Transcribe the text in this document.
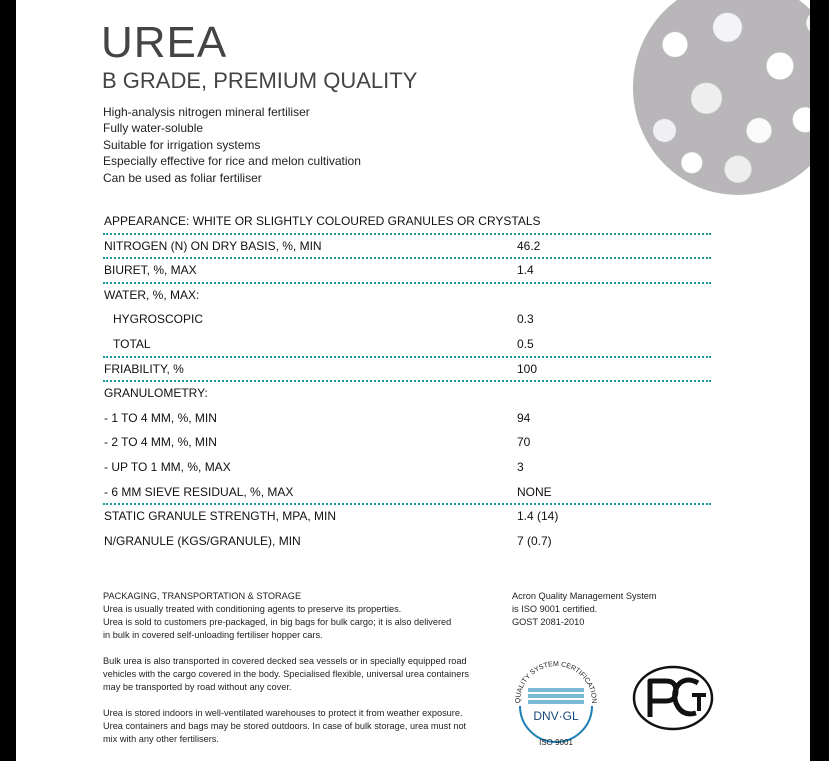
UREA
B GRADE, PREMIUM QUALITY
High-analysis nitrogen mineral fertiliser
Fully water-soluble
Suitable for irrigation systems
Especially effective for rice and melon cultivation
Can be used as foliar fertiliser
APPEARANCE: WHITE OR SLIGHTLY COLOURED GRANULES OR CRYSTALS
NITROGEN (N) ON DRY BASIS, %, MIN	46.2
BIURET, %, MAX	1.4
WATER, %, MAX:
HYGROSCOPIC	0.3
TOTAL	0.5
FRIABILITY, %	100
GRANULOMETRY:
- 1 TO 4 MM, %, MIN	94
- 2 TO 4 MM, %, MIN	70
- UP TO 1 MM, %, MAX	3
- 6 MM SIEVE RESIDUAL, %, MAX	NONE
STATIC GRANULE STRENGTH, MPA, MIN	1.4 (14)
N/GRANULE (KGS/GRANULE), MIN	7 (0.7)
PACKAGING, TRANSPORTATION & STORAGE

Urea is usually treated with conditioning agents to preserve its properties.
Urea is sold to customers pre-packaged, in big bags for bulk cargo; it is also delivered
in bulk in covered self-unloading fertiliser hopper cars.

Bulk urea is also transported in covered decked sea vessels or in specially equipped road
vehicles with the cargo covered in the body. Specialised flexible, universal urea containers
may be transported by road without any cover.

Urea is stored indoors in well-ventilated warehouses to protect it from weather exposure.
Urea containers and bags may be stored outdoors. In case of bulk storage, urea must not
mix with any other fertilisers.

Acron Quality Management System
is ISO 9001 certified.
GOST 2081-2010
QUALITY SYSTEM CERTIFICATION
DNV·GL
ISO 9001
